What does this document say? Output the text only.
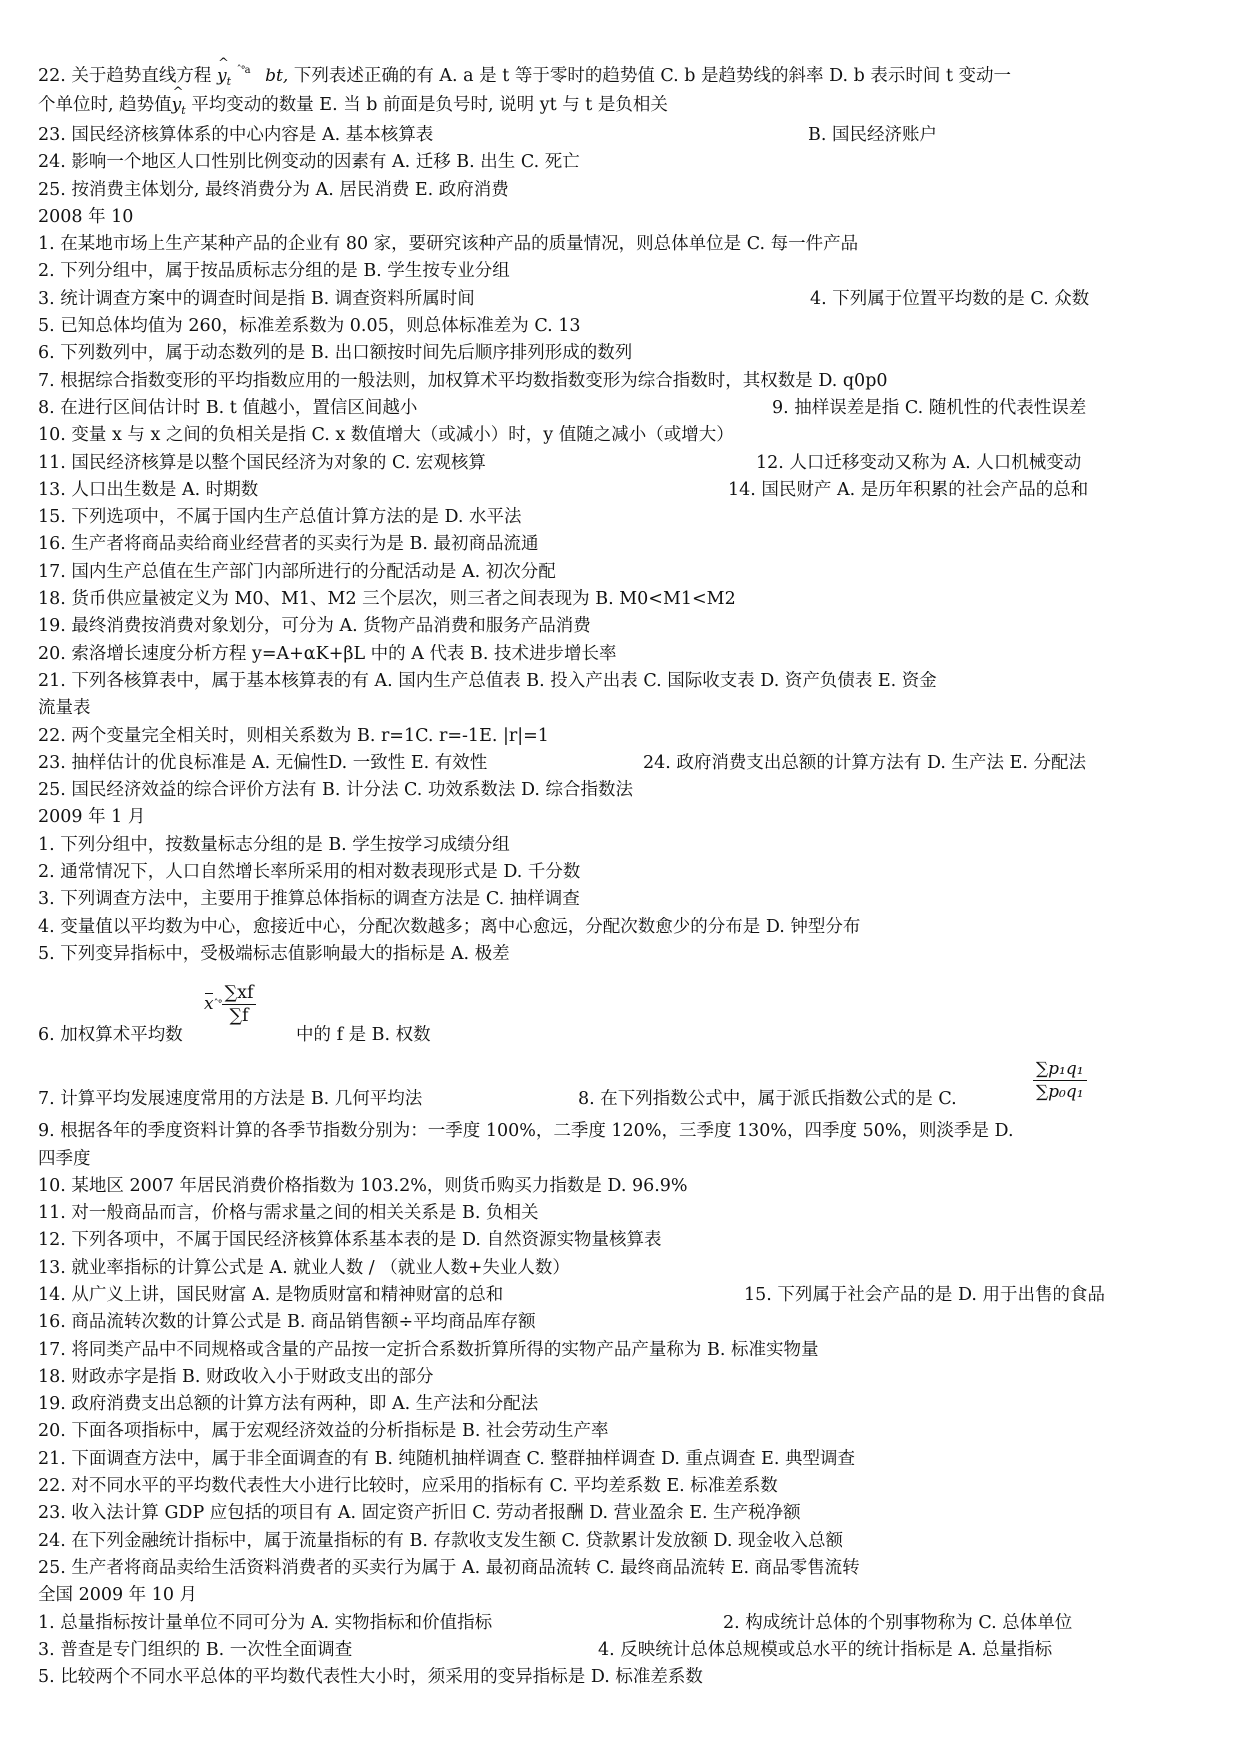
22. 关于趋势直线方程 ^ $y_t$ $^{ˆ^\circ a}$ bt, 下列表述正确的有 A. a 是 t 等于零时的趋势值 C. b 是趋势线的斜率 D. b 表示时间 t 变动一
个单位时, 趋势值^ $y_t$ 平均变动的数量 E. 当 b 前面是负号时, 说明 yt 与 t 是负相关
23. 国民经济核算体系的中心内容是 A. 基本核算表	B. 国民经济账户
24. 影响一个地区人口性别比例变动的因素有 A. 迁移 B. 出生 C. 死亡
25. 按消费主体划分, 最终消费分为 A. 居民消费 E. 政府消费
2008 年 10
1. 在某地市场上生产某种产品的企业有 80 家，要研究该种产品的质量情况，则总体单位是 C. 每一件产品
2. 下列分组中，属于按品质标志分组的是 B. 学生按专业分组
3. 统计调查方案中的调查时间是指 B. 调查资料所属时间	4. 下列属于位置平均数的是 C. 众数
5. 已知总体均值为 260，标准差系数为 0.05，则总体标准差为 C. 13
6. 下列数列中，属于动态数列的是 B. 出口额按时间先后顺序排列形成的数列
7. 根据综合指数变形的平均指数应用的一般法则，加权算术平均数指数变形为综合指数时，其权数是 D. q0p0
8. 在进行区间估计时 B. t 值越小，置信区间越小	9. 抽样误差是指 C. 随机性的代表性误差
10. 变量 x 与 x 之间的负相关是指 C. x 数值增大（或减小）时，y 值随之减小（或增大）
11. 国民经济核算是以整个国民经济为对象的 C. 宏观核算	12. 人口迁移变动又称为 A. 人口机械变动
13. 人口出生数是 A. 时期数	14. 国民财产 A. 是历年积累的社会产品的总和
15. 下列选项中，不属于国内生产总值计算方法的是 D. 水平法
16. 生产者将商品卖给商业经营者的买卖行为是 B. 最初商品流通
17. 国内生产总值在生产部门内部所进行的分配活动是 A. 初次分配
18. 货币供应量被定义为 M0、M1、M2 三个层次，则三者之间表现为 B. M0<M1<M2
19. 最终消费按消费对象划分，可分为 A. 货物产品消费和服务产品消费
20. 索洛增长速度分析方程 y=A+αK+βL 中的 A 代表 B. 技术进步增长率
21. 下列各核算表中，属于基本核算表的有 A. 国内生产总值表 B. 投入产出表 C. 国际收支表 D. 资产负债表 E. 资金
流量表
22. 两个变量完全相关时，则相关系数为 B. r=1C. r=-1E. |r|=1
23. 抽样估计的优良标准是 A. 无偏性D. 一致性 E. 有效性	24. 政府消费支出总额的计算方法有 D. 生产法 E. 分配法
25. 国民经济效益的综合评价方法有 B. 计分法 C. 功效系数法 D. 综合指数法
2009 年 1 月
1. 下列分组中，按数量标志分组的是 B. 学生按学习成绩分组
2. 通常情况下，人口自然增长率所采用的相对数表现形式是 D. 千分数
3. 下列调查方法中，主要用于推算总体指标的调查方法是 C. 抽样调查
4. 变量值以平均数为中心，愈接近中心，分配次数越多；离中心愈远，分配次数愈少的分布是 D. 钟型分布
5. 下列变异指标中，受极端标志值影响最大的指标是 A. 极差
6. 加权算术平均数
x ˆ° $\frac{\sum xf}{\sum f}$
中的 f 是 B. 权数
7. 计算平均发展速度常用的方法是 B. 几何平均法	8. 在下列指数公式中，属于派氏指数公式的是 C.	$\frac{\text{∑p₁q₁}}{\text{∑p₀q₁}}$
9. 根据各年的季度资料计算的各季节指数分别为：一季度 100%，二季度 120%，三季度 130%，四季度 50%，则淡季是 D.
四季度
10. 某地区 2007 年居民消费价格指数为 103.2%，则货币购买力指数是 D. 96.9%
11. 对一般商品而言，价格与需求量之间的相关关系是 B. 负相关
12. 下列各项中，不属于国民经济核算体系基本表的是 D. 自然资源实物量核算表
13. 就业率指标的计算公式是 A. 就业人数 / （就业人数+失业人数）
14. 从广义上讲，国民财富 A. 是物质财富和精神财富的总和	15. 下列属于社会产品的是 D. 用于出售的食品
16. 商品流转次数的计算公式是 B. 商品销售额÷平均商品库存额
17. 将同类产品中不同规格或含量的产品按一定折合系数折算所得的实物产品产量称为 B. 标准实物量
18. 财政赤字是指 B. 财政收入小于财政支出的部分
19. 政府消费支出总额的计算方法有两种，即 A. 生产法和分配法
20. 下面各项指标中，属于宏观经济效益的分析指标是 B. 社会劳动生产率
21. 下面调查方法中，属于非全面调查的有 B. 纯随机抽样调查 C. 整群抽样调查 D. 重点调查 E. 典型调查
22. 对不同水平的平均数代表性大小进行比较时，应采用的指标有 C. 平均差系数 E. 标准差系数
23. 收入法计算 GDP 应包括的项目有 A. 固定资产折旧 C. 劳动者报酬 D. 营业盈余 E. 生产税净额
24. 在下列金融统计指标中，属于流量指标的有 B. 存款收支发生额 C. 贷款累计发放额 D. 现金收入总额
25. 生产者将商品卖给生活资料消费者的买卖行为属于 A. 最初商品流转 C. 最终商品流转 E. 商品零售流转
全国 2009 年 10 月
1. 总量指标按计量单位不同可分为 A. 实物指标和价值指标	2. 构成统计总体的个别事物称为 C. 总体单位
3. 普查是专门组织的 B. 一次性全面调查	4. 反映统计总体总规模或总水平的统计指标是 A. 总量指标
5. 比较两个不同水平总体的平均数代表性大小时，须采用的变异指标是 D. 标准差系数
